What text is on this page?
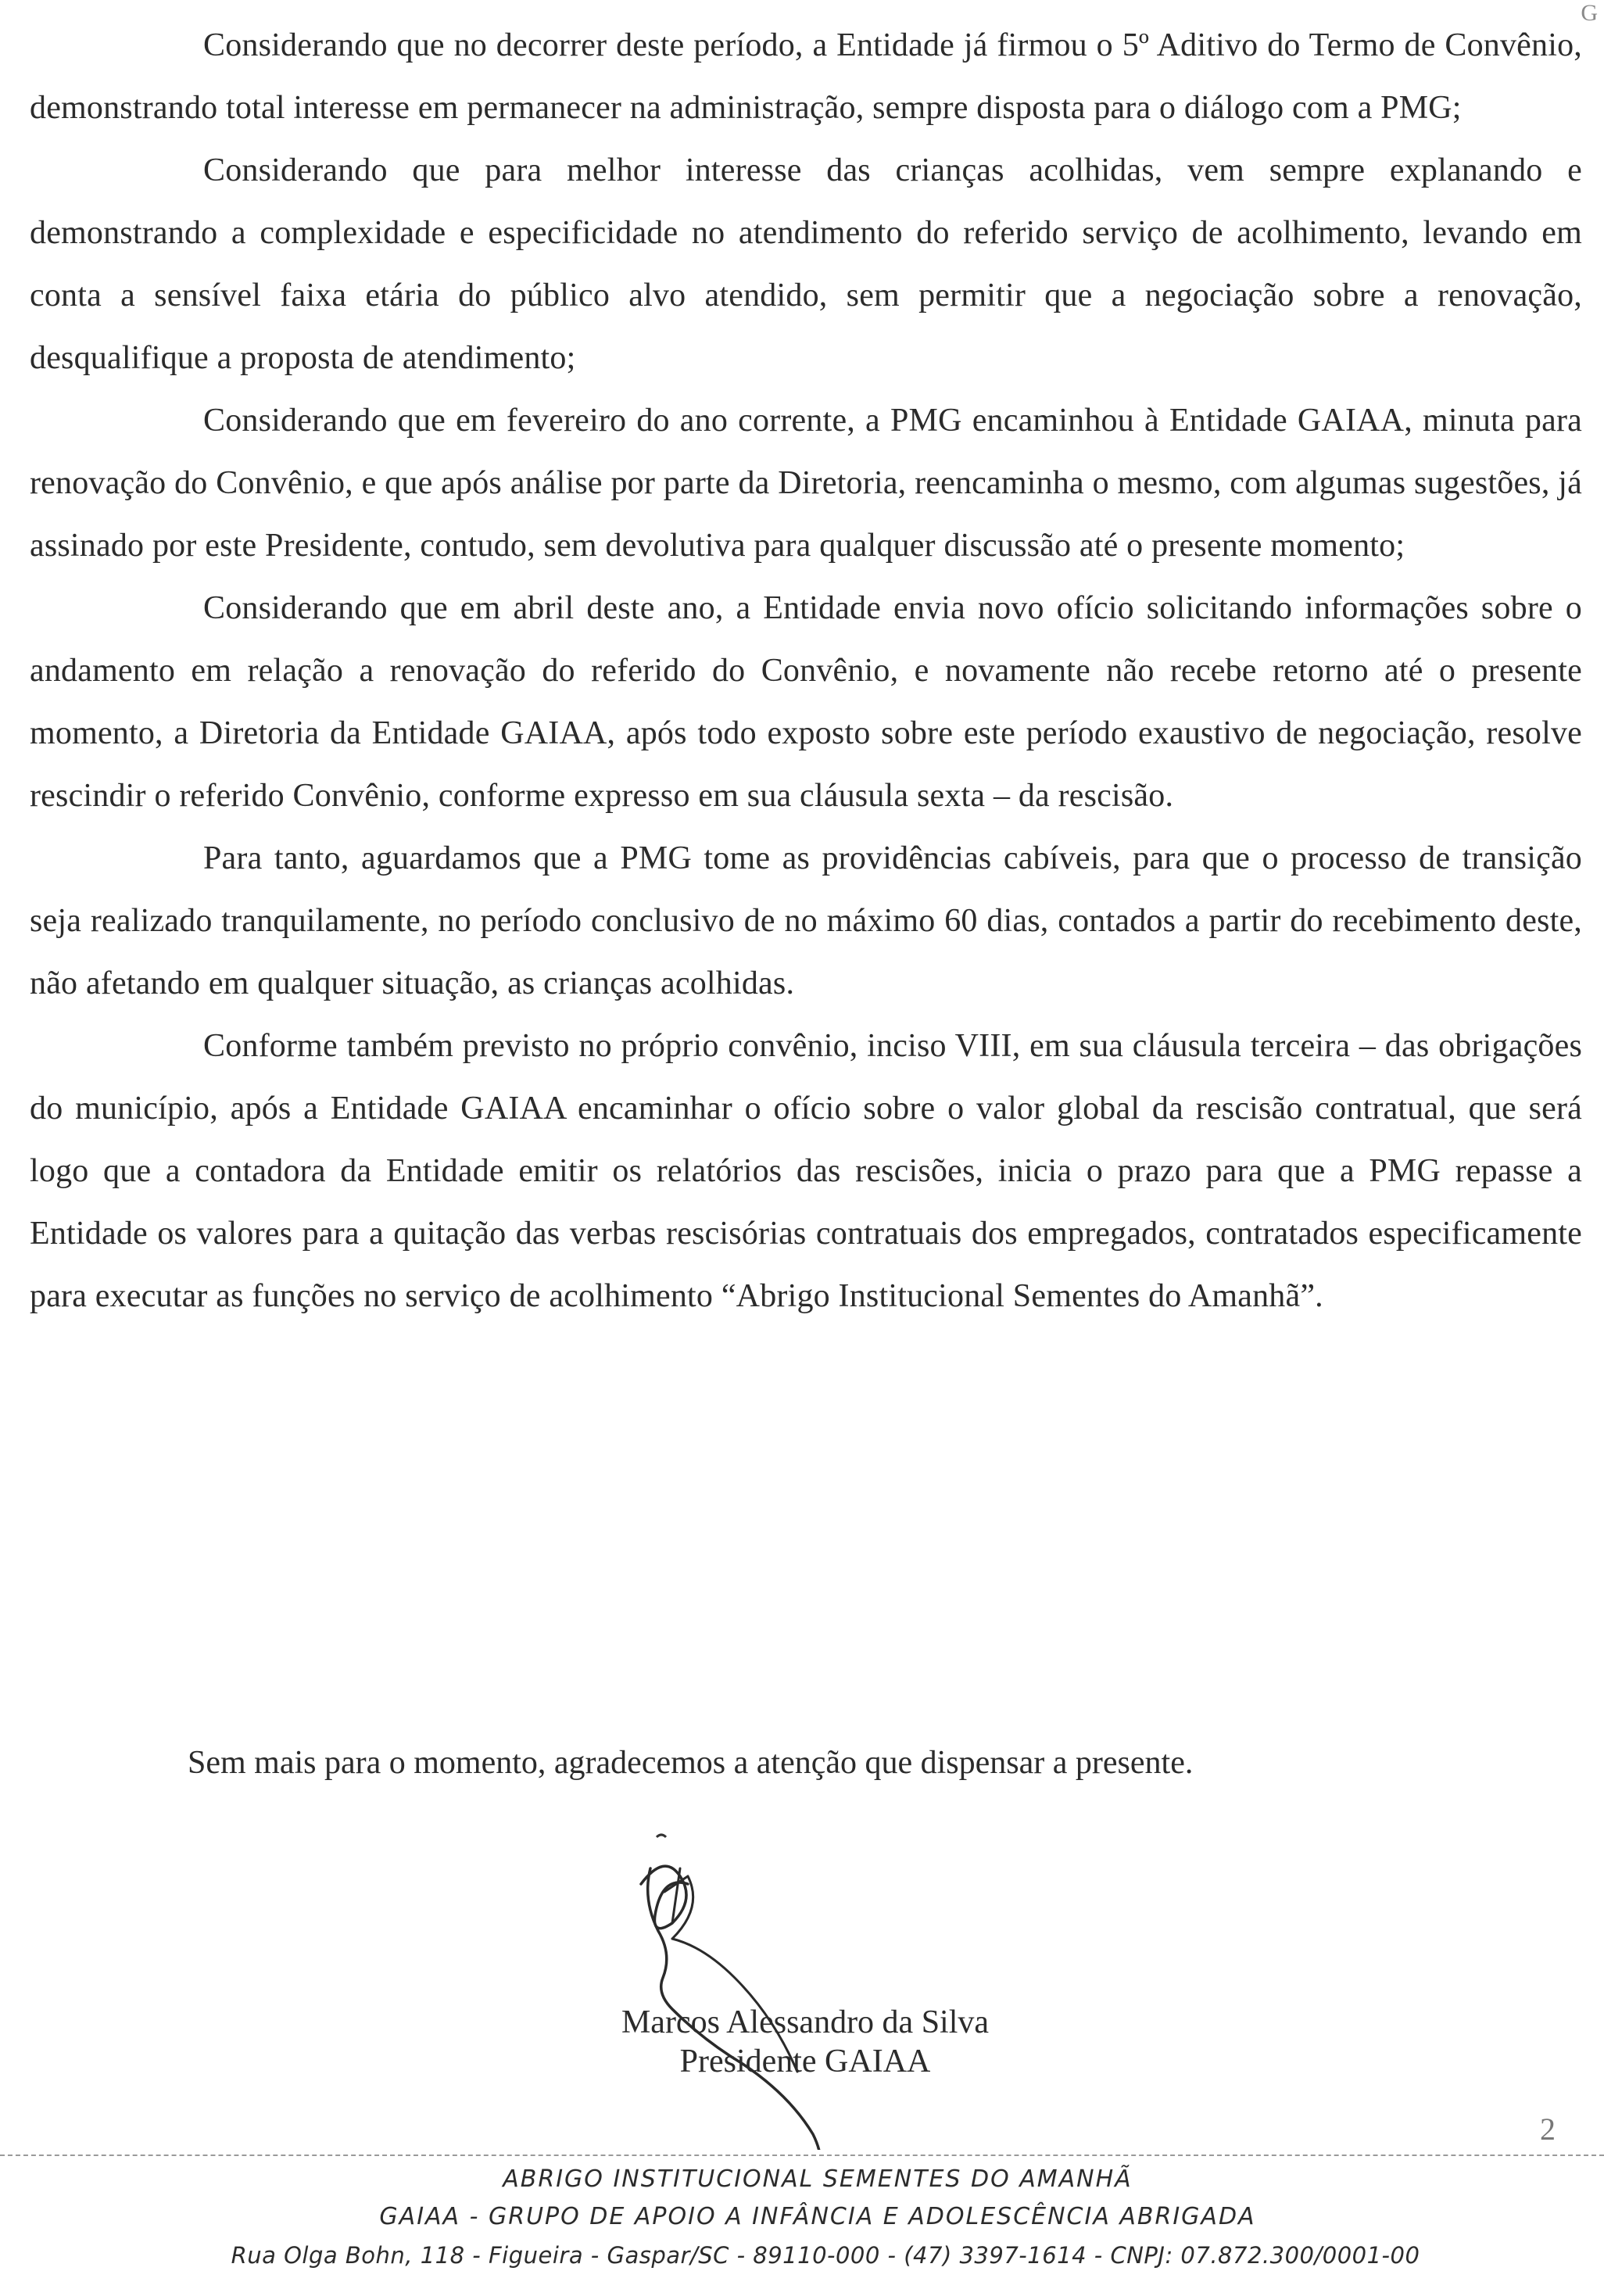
G

Considerando que no decorrer deste período, a Entidade já firmou o 5º Aditivo do Termo de Convênio, demonstrando total interesse em permanecer na administração, sempre disposta para o diálogo com a PMG;

Considerando que para melhor interesse das crianças acolhidas, vem sempre explanando e demonstrando a complexidade e especificidade no atendimento do referido serviço de acolhimento, levando em conta a sensível faixa etária do público alvo atendido, sem permitir que a negociação sobre a renovação, desqualifique a proposta de atendimento;

Considerando que em fevereiro do ano corrente, a PMG encaminhou à Entidade GAIAA, minuta para renovação do Convênio, e que após análise por parte da Diretoria, reencaminha o mesmo, com algumas sugestões, já assinado por este Presidente, contudo, sem devolutiva para qualquer discussão até o presente momento;

Considerando que em abril deste ano, a Entidade envia novo ofício solicitando informações sobre o andamento em relação a renovação do referido do Convênio, e novamente não recebe retorno até o presente momento, a Diretoria da Entidade GAIAA, após todo exposto sobre este período exaustivo de negociação, resolve rescindir o referido Convênio, conforme expresso em sua cláusula sexta – da rescisão.

Para tanto, aguardamos que a PMG tome as providências cabíveis, para que o processo de transição seja realizado tranquilamente, no período conclusivo de no máximo 60 dias, contados a partir do recebimento deste, não afetando em qualquer situação, as crianças acolhidas.

Conforme também previsto no próprio convênio, inciso VIII, em sua cláusula terceira – das obrigações do município, após a Entidade GAIAA encaminhar o ofício sobre o valor global da rescisão contratual, que será logo que a contadora da Entidade emitir os relatórios das rescisões, inicia o prazo para que a PMG repasse a Entidade os valores para a quitação das verbas rescisórias contratuais dos empregados, contratados especificamente para executar as funções no serviço de acolhimento “Abrigo Institucional Sementes do Amanhã”.

Sem mais para o momento, agradecemos a atenção que dispensar a presente.
Marcos Alessandro da Silva
Presidente GAIAA
2
ABRIGO INSTITUCIONAL SEMENTES DO AMANHÃ
GAIAA - GRUPO DE APOIO A INFÂNCIA E ADOLESCÊNCIA ABRIGADA
Rua Olga Bohn, 118 - Figueira - Gaspar/SC - 89110-000 - (47) 3397-1614 - CNPJ: 07.872.300/0001-00
